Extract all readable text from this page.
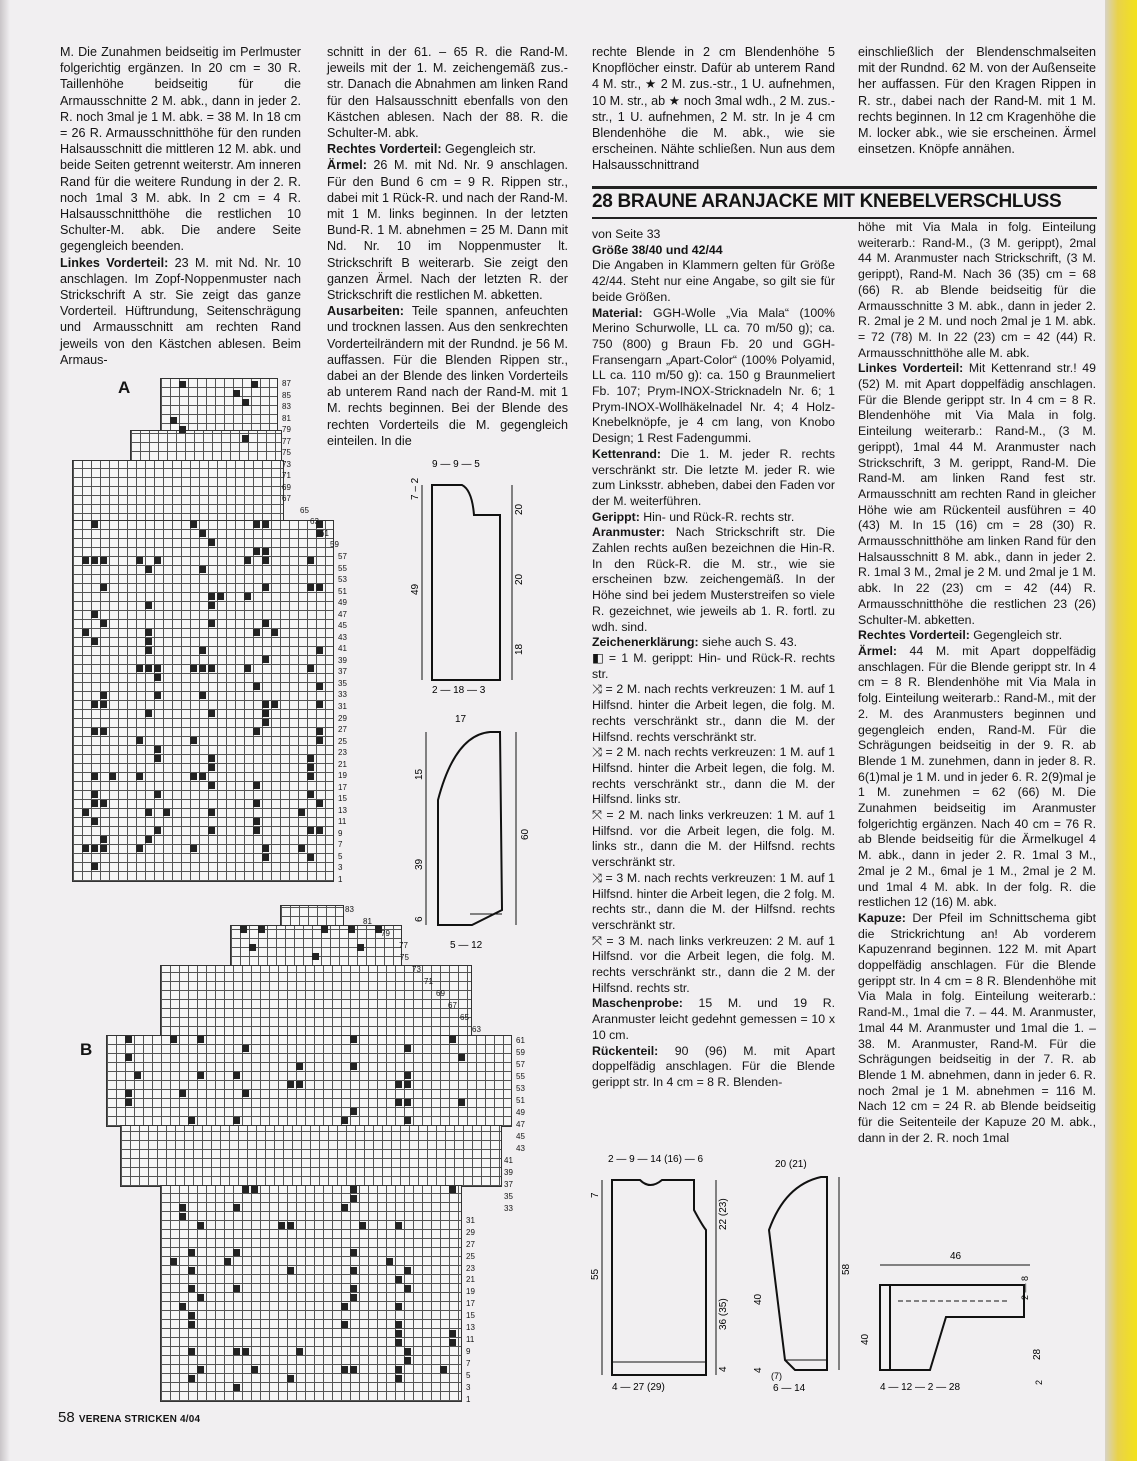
M. Die Zunahmen beidseitig im Perlmuster folgerichtig ergänzen. In 20 cm = 30 R. Taillenhöhe beidseitig für die Armausschnitte 2 M. abk., dann in jeder 2. R. noch 3mal je 1 M. abk. = 38 M. In 18 cm = 26 R. Armausschnitthöhe für den runden Halsausschnitt die mittleren 12 M. abk. und beide Seiten getrennt weiterstr. Am inneren Rand für die weitere Rundung in der 2. R. noch 1mal 3 M. abk. In 2 cm = 4 R. Halsausschnitthöhe die restlichen 10 Schulter-M. abk. Die andere Seite gegengleich beenden.

Linkes Vorderteil: 23 M. mit Nd. Nr. 10 anschlagen. Im Zopf-Noppenmuster nach Strickschrift A str. Sie zeigt das ganze Vorderteil. Hüftrundung, Seitenschrägung und Armausschnitt am rechten Rand jeweils von den Kästchen ablesen. Beim Armaus-

schnitt in der 61. – 65 R. die Rand-M. jeweils mit der 1. M. zeichengemäß zus.-str. Danach die Abnahmen am linken Rand für den Halsausschnitt ebenfalls von den Kästchen ablesen. Nach der 88. R. die Schulter-M. abk.

Rechtes Vorderteil: Gegengleich str.

Ärmel: 26 M. mit Nd. Nr. 9 anschlagen. Für den Bund 6 cm = 9 R. Rippen str., dabei mit 1 Rück-R. und nach der Rand-M. mit 1 M. links beginnen. In der letzten Bund-R. 1 M. abnehmen = 25 M. Dann mit Nd. Nr. 10 im Noppenmuster lt. Strickschrift B weiterarb. Sie zeigt den ganzen Ärmel. Nach der letzten R. der Strickschrift die restlichen M. abketten.

Ausarbeiten: Teile spannen, anfeuchten und trocknen lassen. Aus den senkrechten Vorderteilrändern mit der Rundnd. je 56 M. auffassen. Für die Blenden Rippen str., dabei an der Blende des linken Vorderteils ab unterem Rand nach der Rand-M. mit 1 M. rechts beginnen. Bei der Blende des rechten Vorderteils die M. gegengleich einteilen. In die

rechte Blende in 2 cm Blendenhöhe 5 Knopflöcher einstr. Dafür ab unterem Rand 4 M. str., ★ 2 M. zus.-str., 1 U. aufnehmen, 10 M. str., ab ★ noch 3mal wdh., 2 M. zus.-str., 1 U. aufnehmen, 2 M. str. In je 4 cm Blendenhöhe die M. abk., wie sie erscheinen. Nähte schließen. Nun aus dem Halsausschnittrand

einschließlich der Blendenschmalseiten mit der Rundnd. 62 M. von der Außenseite her auffassen. Für den Kragen Rippen in R. str., dabei nach der Rand-M. mit 1 M. rechts beginnen. In 12 cm Kragenhöhe die M. locker abk., wie sie erscheinen. Ärmel einsetzen. Knöpfe annähen.

28 BRAUNE ARANJACKE MIT KNEBELVERSCHLUSS

von Seite 33

Größe 38/40 und 42/44

Die Angaben in Klammern gelten für Größe 42/44. Steht nur eine Angabe, so gilt sie für beide Größen.

Material: GGH-Wolle „Via Mala“ (100% Merino Schurwolle, LL ca. 70 m/50 g); ca. 750 (800) g Braun Fb. 20 und GGH-Fransengarn „Apart-Color“ (100% Polyamid, LL ca. 110 m/50 g): ca. 150 g Braunmeliert Fb. 107; Prym-INOX-Stricknadeln Nr. 6; 1 Prym-INOX-Wollhäkelnadel Nr. 4; 4 Holz-Knebelknöpfe, je 4 cm lang, von Knobo Design; 1 Rest Fadengummi.

Kettenrand: Die 1. M. jeder R. rechts verschränkt str. Die letzte M. jeder R. wie zum Linksstr. abheben, dabei den Faden vor der M. weiterführen.

Gerippt: Hin- und Rück-R. rechts str.

Aranmuster: Nach Strickschrift str. Die Zahlen rechts außen bezeichnen die Hin-R. In den Rück-R. die M. str., wie sie erscheinen bzw. zeichengemäß. In der Höhe sind bei jedem Musterstreifen so viele R. gezeichnet, wie jeweils ab 1. R. fortl. zu wdh. sind.

Zeichenerklärung: siehe auch S. 43.

◧ = 1 M. gerippt: Hin- und Rück-R. rechts str.

⤨ = 2 M. nach rechts verkreuzen: 1 M. auf 1 Hilfsnd. hinter die Arbeit legen, die folg. M. rechts verschränkt str., dann die M. der Hilfsnd. rechts verschränkt str.

⤨ = 2 M. nach rechts verkreuzen: 1 M. auf 1 Hilfsnd. hinter die Arbeit legen, die folg. M. rechts verschränkt str., dann die M. der Hilfsnd. links str.

⤧ = 2 M. nach links verkreuzen: 1 M. auf 1 Hilfsnd. vor die Arbeit legen, die folg. M. links str., dann die M. der Hilfsnd. rechts verschränkt str.

⤨ = 3 M. nach rechts verkreuzen: 1 M. auf 1 Hilfsnd. hinter die Arbeit legen, die 2 folg. M. rechts str., dann die M. der Hilfsnd. rechts verschränkt str.

⤧ = 3 M. nach links verkreuzen: 2 M. auf 1 Hilfsnd. vor die Arbeit legen, die folg. M. rechts verschränkt str., dann die 2 M. der Hilfsnd. rechts str.

Maschenprobe: 15 M. und 19 R. Aranmuster leicht gedehnt gemessen = 10 x 10 cm.

Rückenteil: 90 (96) M. mit Apart doppelfädig anschlagen. Für die Blende gerippt str. In 4 cm = 8 R. Blenden-

höhe mit Via Mala in folg. Einteilung weiterarb.: Rand-M., (3 M. gerippt), 2mal 44 M. Aranmuster nach Strickschrift, (3 M. gerippt), Rand-M. Nach 36 (35) cm = 68 (66) R. ab Blende beidseitig für die Armausschnitte 3 M. abk., dann in jeder 2. R. 2mal je 2 M. und noch 2mal je 1 M. abk. = 72 (78) M. In 22 (23) cm = 42 (44) R. Armausschnitthöhe alle M. abk.

Linkes Vorderteil: Mit Kettenrand str.! 49 (52) M. mit Apart doppelfädig anschlagen. Für die Blende gerippt str. In 4 cm = 8 R. Blendenhöhe mit Via Mala in folg. Einteilung weiterarb.: Rand-M., (3 M. gerippt), 1mal 44 M. Aranmuster nach Strickschrift, 3 M. gerippt, Rand-M. Die Rand-M. am linken Rand fest str. Armausschnitt am rechten Rand in gleicher Höhe wie am Rückenteil ausführen = 40 (43) M. In 15 (16) cm = 28 (30) R. Armausschnitthöhe am linken Rand für den Halsausschnitt 8 M. abk., dann in jeder 2. R. 1mal 3 M., 2mal je 2 M. und 2mal je 1 M. abk. In 22 (23) cm = 42 (44) R. Armausschnitthöhe die restlichen 23 (26) Schulter-M. abketten.

Rechtes Vorderteil: Gegengleich str.

Ärmel: 44 M. mit Apart doppelfädig anschlagen. Für die Blende gerippt str. In 4 cm = 8 R. Blendenhöhe mit Via Mala in folg. Einteilung weiterarb.: Rand-M., mit der 2. M. des Aranmusters beginnen und gegengleich enden, Rand-M. Für die Schrägungen beidseitig in der 9. R. ab Blende 1 M. zunehmen, dann in jeder 8. R. 6(1)mal je 1 M. und in jeder 6. R. 2(9)mal je 1 M. zunehmen = 62 (66) M. Die Zunahmen beidseitig im Aranmuster folgerichtig ergänzen. Nach 40 cm = 76 R. ab Blende beidseitig für die Ärmelkugel 4 M. abk., dann in jeder 2. R. 1mal 3 M., 2mal je 2 M., 6mal je 1 M., 2mal je 2 M. und 1mal 4 M. abk. In der folg. R. die restlichen 12 (16) M. abk.

Kapuze: Der Pfeil im Schnittschema gibt die Strickrichtung an! Ab vorderem Kapuzenrand beginnen. 122 M. mit Apart doppelfädig anschlagen. Für die Blende gerippt str. In 4 cm = 8 R. Blendenhöhe mit Via Mala in folg. Einteilung weiterarb.: Rand-M., 1mal die 7. – 44. M. Aranmuster, 1mal 44 M. Aranmuster und 1mal die 1. – 38. M. Aranmuster, Rand-M. Für die Schrägungen beidseitig in der 7. R. ab Blende 1 M. abnehmen, dann in jeder 6. R. noch 2mal je 1 M. abnehmen = 116 M. Nach 12 cm = 24 R. ab Blende beidseitig für die Seitenteile der Kapuze 20 M. abk., dann in der 2. R. noch 1mal

A	87
85
83
81
79
77
75
73
71
69
67
65
63
61
59
57
55
53
51
49
47
45
43
41
39
37
35
33
31
29
27
25
23
21
19
17
15
13
11
9
7
5
3
1
B
83
81
79
77
75
73
71
69
67
65
63
61
59
57
55
53
51
49
47
45
43
41
39
37
35
33
31
29
27
25
23
21
19
17
15
13
11
9
7
5
3
1
9 — 9 — 5
49
7 – 2
20
20
18
2 — 18 — 3
17
15
39
6
60
5 — 12
2 — 9 — 14 (16) — 6
55
7
22 (23)
36 (35)
4
4 — 27 (29)
20 (21)
40
58
4
(7)
6 — 14
46
2 — 8
40
28
2
4 — 12 — 2 — 28
58 VERENA STRICKEN 4/04
